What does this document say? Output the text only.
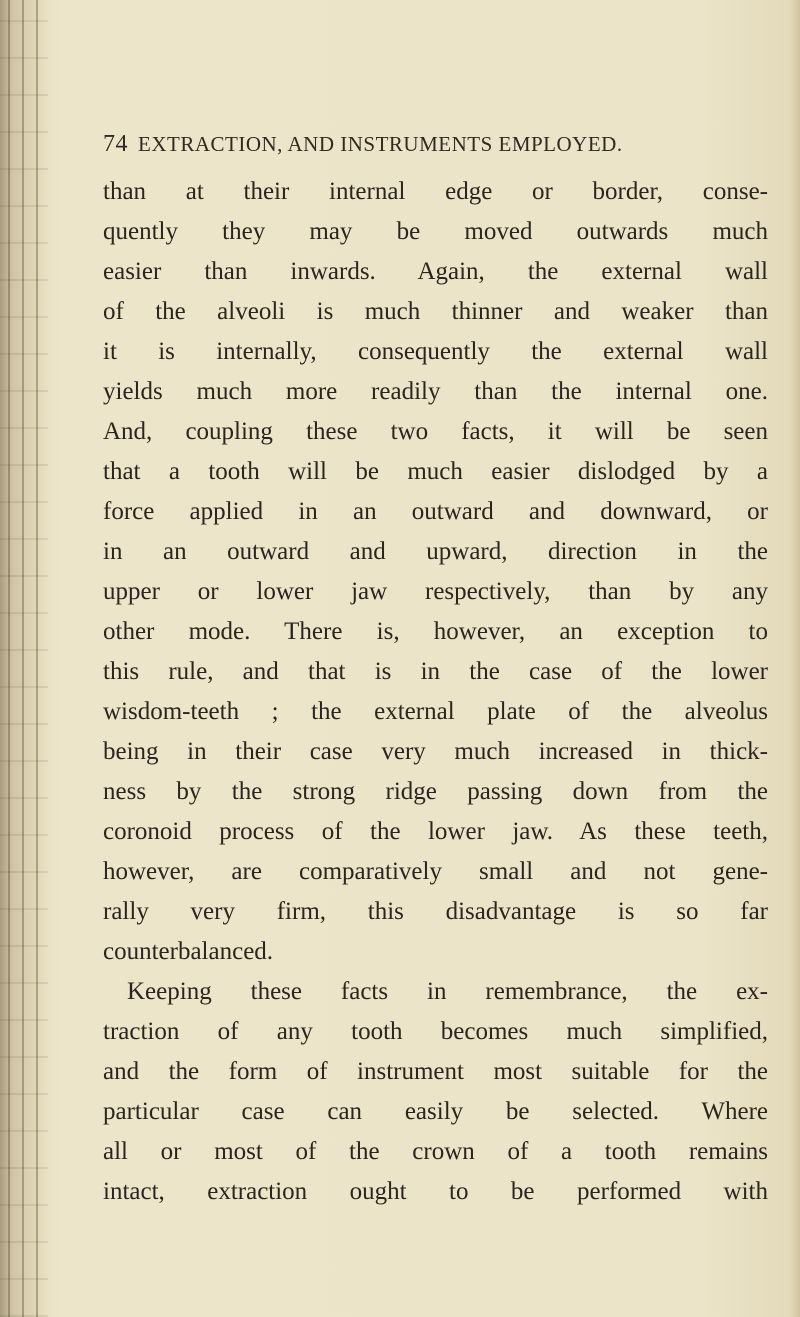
74 EXTRACTION, AND INSTRUMENTS EMPLOYED.
than at their internal edge or border, conse-
quently they may be moved outwards much
easier than inwards. Again, the external wall
of the alveoli is much thinner and weaker than
it is internally, consequently the external wall
yields much more readily than the internal one.
And, coupling these two facts, it will be seen
that a tooth will be much easier dislodged by a
force applied in an outward and downward, or
in an outward and upward, direction in the
upper or lower jaw respectively, than by any
other mode. There is, however, an exception to
this rule, and that is in the case of the lower
wisdom-teeth ; the external plate of the alveolus
being in their case very much increased in thick-
ness by the strong ridge passing down from the
coronoid process of the lower jaw. As these teeth,
however, are comparatively small and not gene-
rally very firm, this disadvantage is so far
counterbalanced.
Keeping these facts in remembrance, the ex-
traction of any tooth becomes much simplified,
and the form of instrument most suitable for the
particular case can easily be selected. Where
all or most of the crown of a tooth remains
intact, extraction ought to be performed with
